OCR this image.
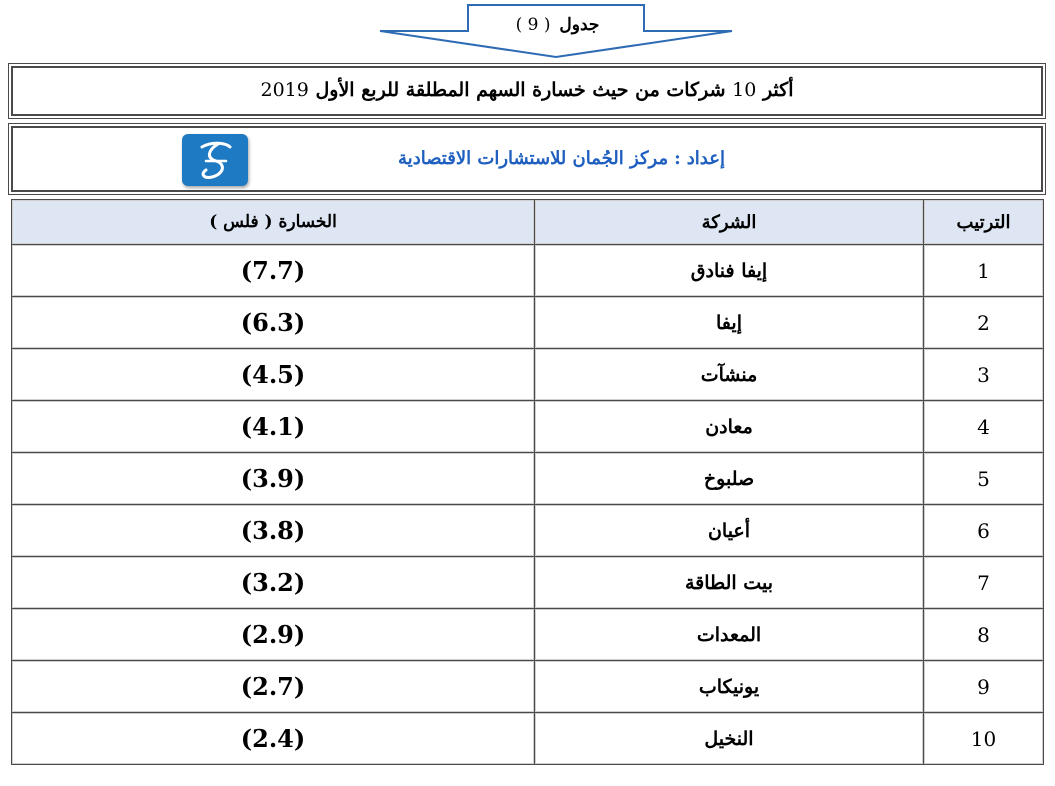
جدول ( 9 )
أكثر 10 شركات من حيث خسارة السهم المطلقة للربع الأول 2019
إعداد:مركز الجُمان للاستشارات الاقتصادية
الترتيب	الشركة	الخسارة ( فلس )
1	إيفا فنادق	(7.7)
2	إيفا	(6.3)
3	منشآت	(4.5)
4	معادن	(4.1)
5	صلبوخ	(3.9)
6	أعيان	(3.8)
7	بيت الطاقة	(3.2)
8	المعدات	(2.9)
9	يونيكاب	(2.7)
10	النخيل	(2.4)
